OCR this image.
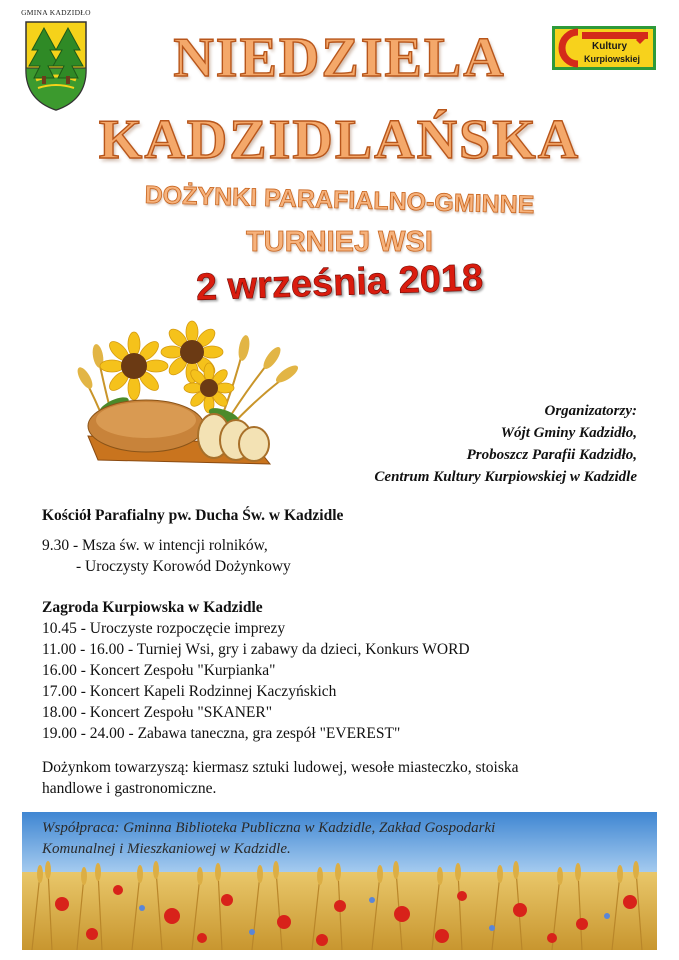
GMINA KADZIDŁO
Kultury
Kurpiowskiej
NIEDZIELA
KADZIDLAŃSKA
DOŻYNKI PARAFIALNO-GMINNE
TURNIEJ WSI
2 września 2018
Organizatorzy:
Wójt Gminy Kadzidło,
Proboszcz Parafii Kadzidło,
Centrum Kultury Kurpiowskiej w Kadzidle
Kościół Parafialny pw. Ducha Św. w Kadzidle
9.30 - Msza św. w intencji rolników,
- Uroczysty Korowód Dożynkowy
Zagroda Kurpiowska w Kadzidle
10.45 - Uroczyste rozpoczęcie imprezy
11.00 - 16.00 - Turniej Wsi, gry i zabawy da dzieci, Konkurs WORD
16.00 - Koncert Zespołu "Kurpianka"
17.00 - Koncert Kapeli Rodzinnej Kaczyńskich
18.00 - Koncert Zespołu "SKANER"
19.00 - 24.00 - Zabawa taneczna, gra zespół "EVEREST"
Dożynkom towarzyszą: kiermasz sztuki ludowej, wesołe miasteczko, stoiska
handlowe i gastronomiczne.
Współpraca: Gminna Biblioteka Publiczna w Kadzidle, Zakład Gospodarki
Komunalnej i Mieszkaniowej w Kadzidle.
